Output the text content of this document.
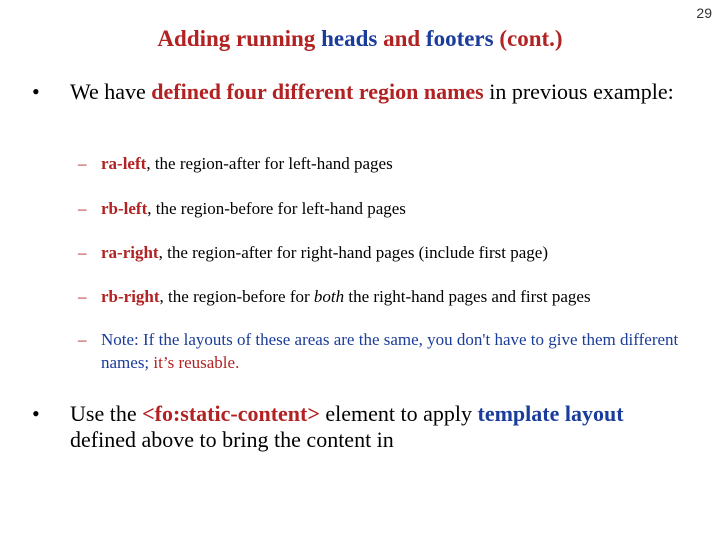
29
Adding running heads and footers (cont.)
• We have defined four different region names in previous example:
– ra-left, the region-after for left-hand pages
– rb-left, the region-before for left-hand pages
– ra-right, the region-after for right-hand pages (include first page)
– rb-right, the region-before for both the right-hand pages and first pages
– Note: If the layouts of these areas are the same, you don't have to give them different names; it’s reusable.
• Use the <fo:static-content> element to apply template layout defined above to bring the content in
